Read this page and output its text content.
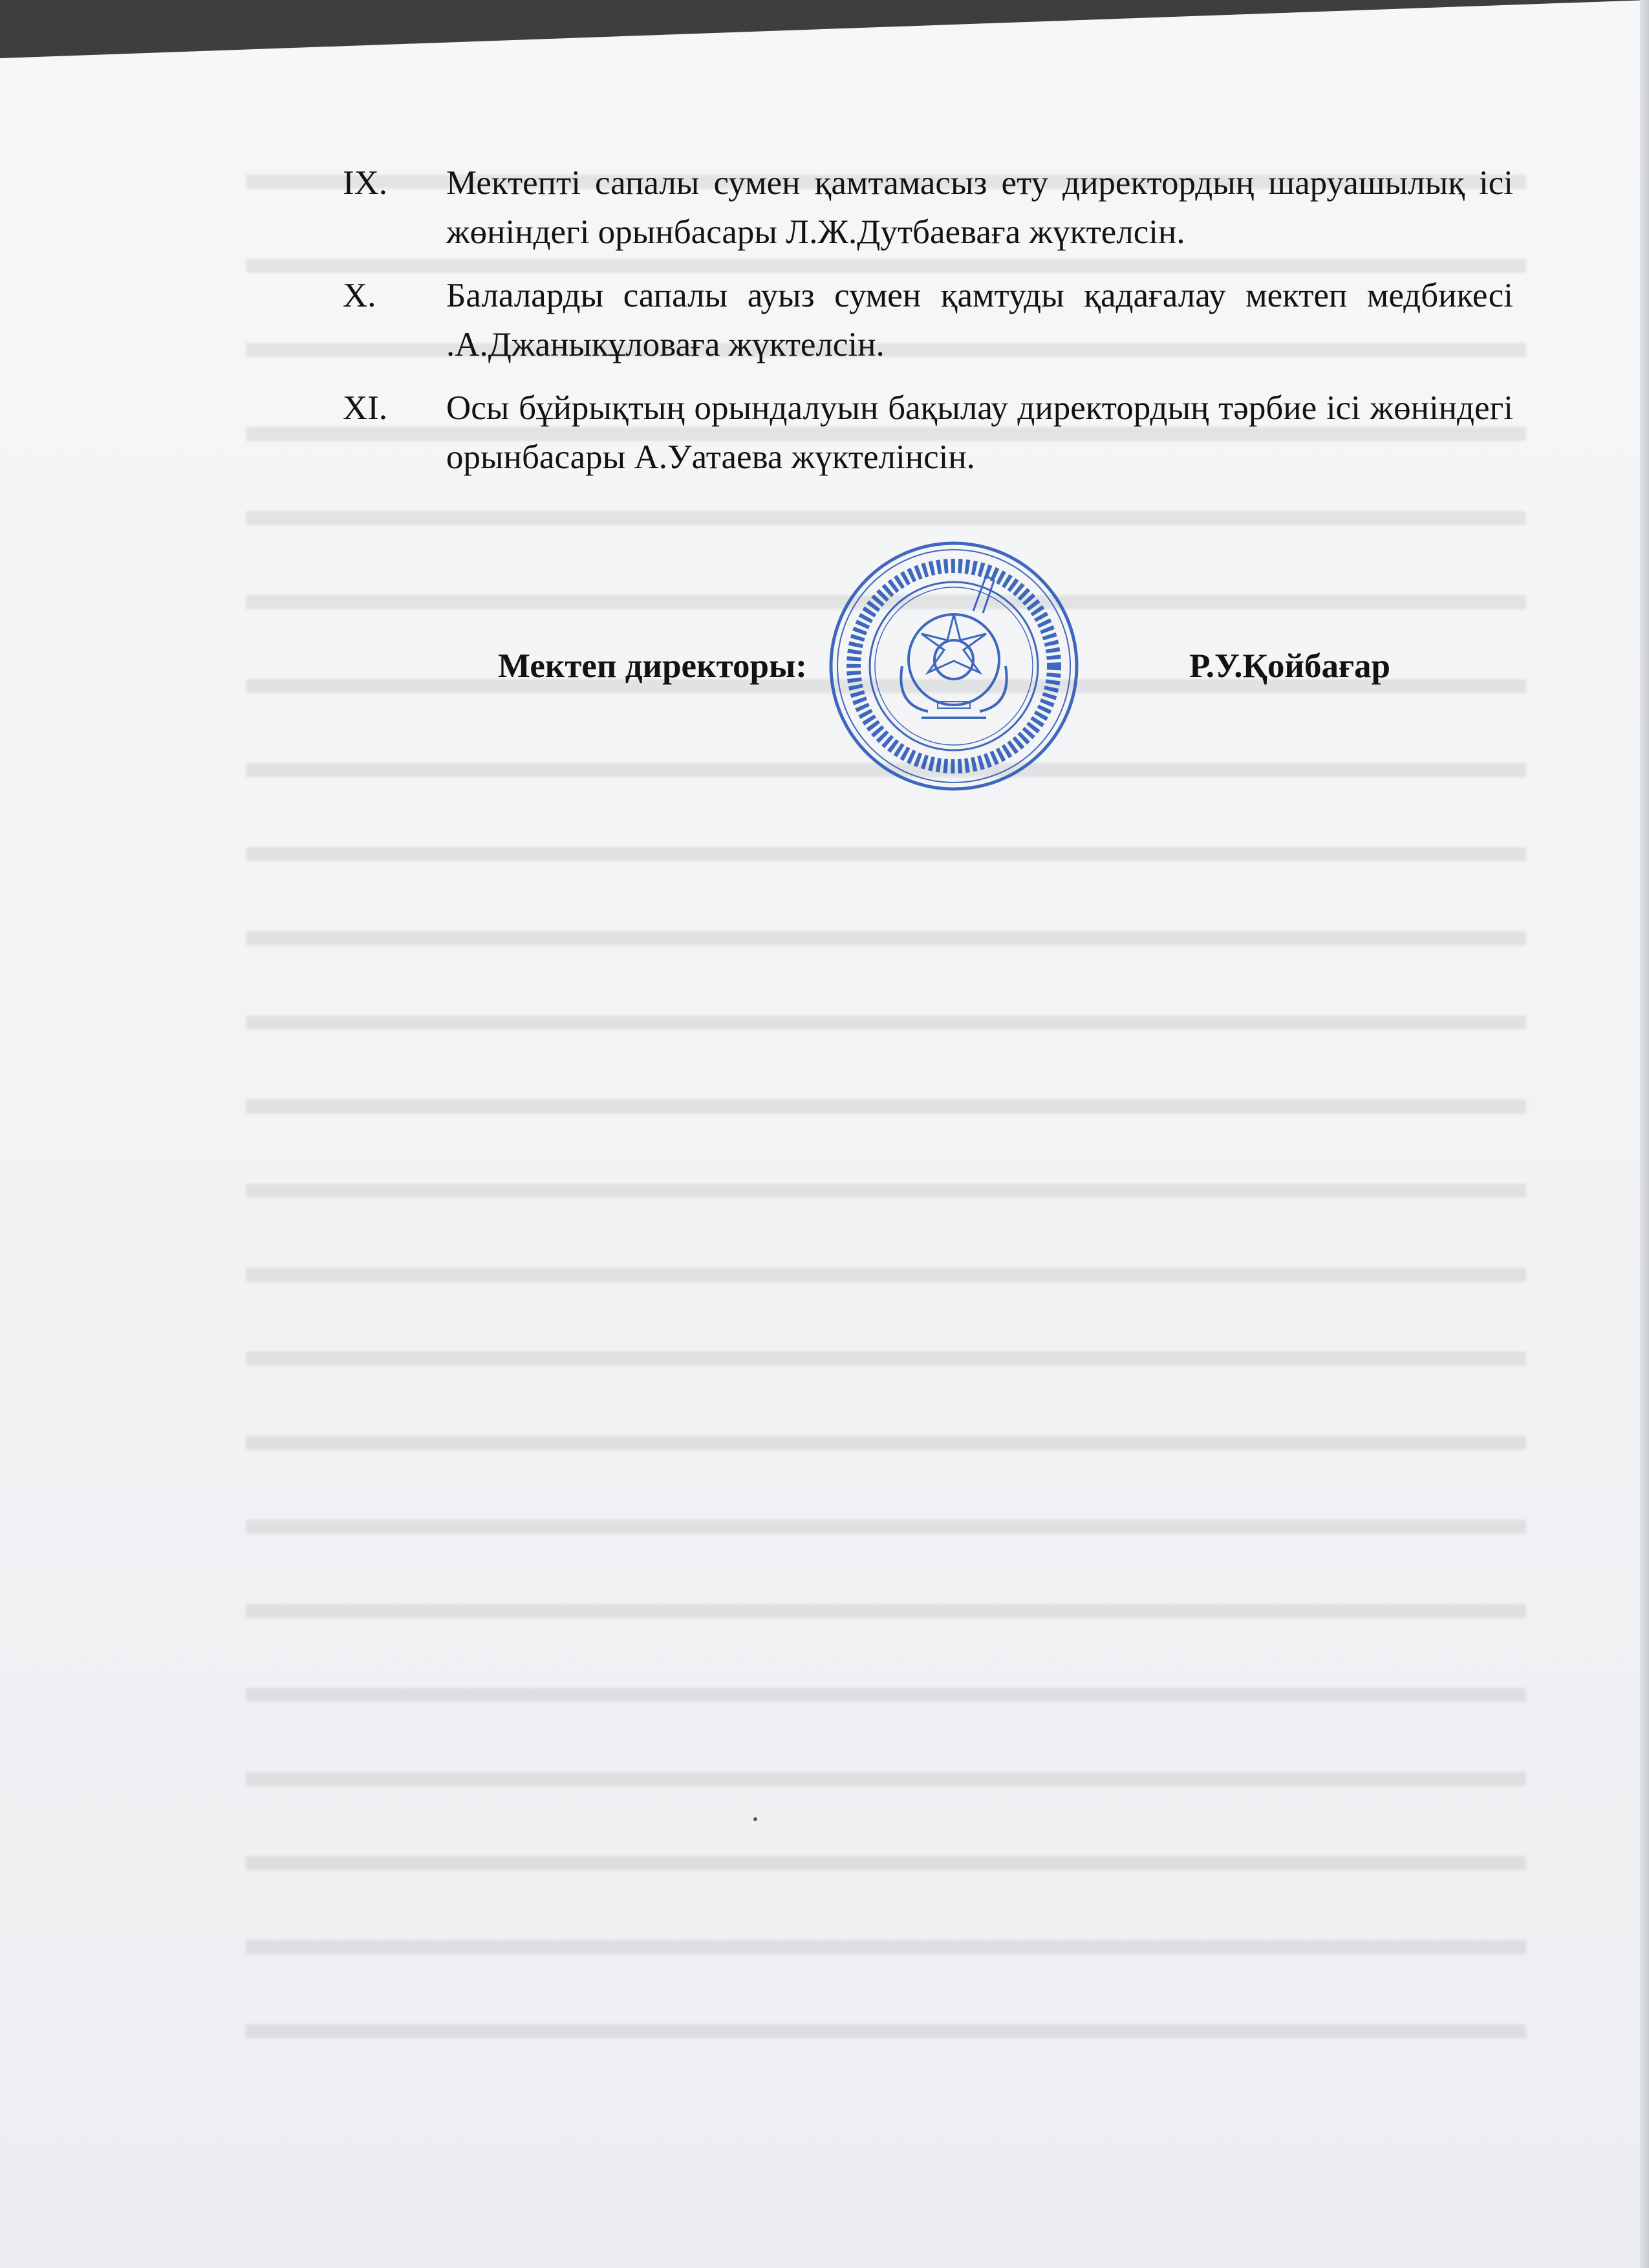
IX.	Мектепті сапалы сумен қамтамасыз ету директордың шаруашылық ісі жөніндегі орынбасары Л.Ж.Дутбаеваға жүктелсін.
X.	Балаларды сапалы ауыз сумен қамтуды қадағалау мектеп медбикесі .А.Джаныкұловаға жүктелсін.
XI.	Осы бұйрықтың орындалуын бақылау директордың тәрбие ісі жөніндегі орынбасары А.Уатаева жүктелінсін.
Мектеп директоры:	Р.У.Қойбағар
